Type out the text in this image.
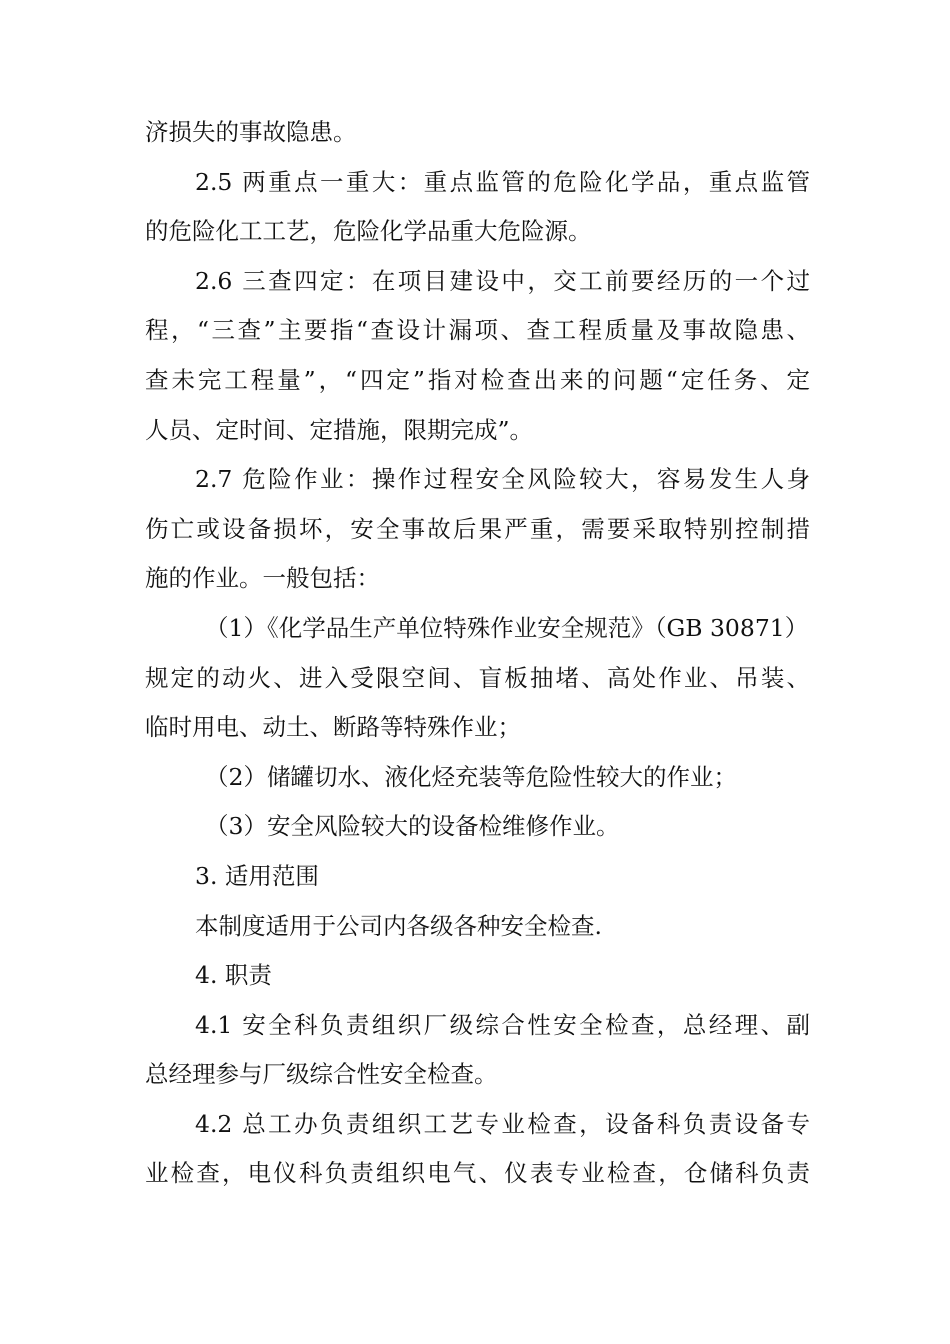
济损失的事故隐患。
2.5 两重点一重大：重点监管的危险化学品，重点监管
的危险化工工艺，危险化学品重大危险源。
2.6 三查四定：在项目建设中，交工前要经历的一个过
程，“三查”主要指“查设计漏项、查工程质量及事故隐患、
查未完工程量”，“四定”指对检查出来的问题“定任务、定
人员、定时间、定措施，限期完成”。
2.7 危险作业：操作过程安全风险较大，容易发生人身
伤亡或设备损坏，安全事故后果严重，需要采取特别控制措
施的作业。一般包括：
（1）《化学品生产单位特殊作业安全规范》（GB 30871）
规定的动火、进入受限空间、盲板抽堵、高处作业、吊装、
临时用电、动土、断路等特殊作业；
（2）储罐切水、液化烃充装等危险性较大的作业；
（3）安全风险较大的设备检维修作业。
3. 适用范围
本制度适用于公司内各级各种安全检查.
4. 职责
4.1 安全科负责组织厂级综合性安全检查，总经理、副
总经理参与厂级综合性安全检查。
4.2 总工办负责组织工艺专业检查，设备科负责设备专
业检查，电仪科负责组织电气、仪表专业检查，仓储科负责
